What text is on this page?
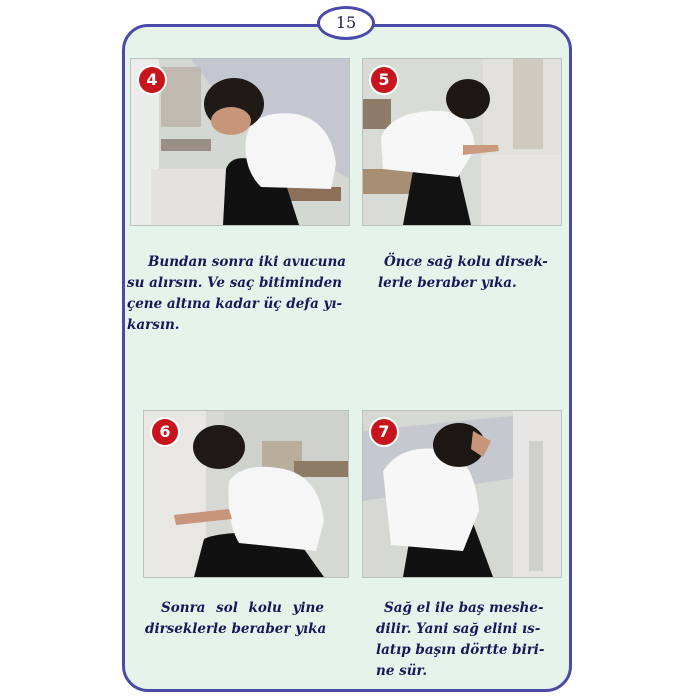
15
4
Bundan sonra iki avucuna
su alırsın. Ve saç bitiminden
çene altına kadar üç defa yı-
karsın.
5
Önce sağ kolu dirsek-
lerle beraber yıka.
6
Sonra sol kolu yine
dirseklerle beraber yıka
7
Sağ el ile baş meshe-
dilir. Yani sağ elini ıs-
latıp başın dörtte biri-
ne sür.
